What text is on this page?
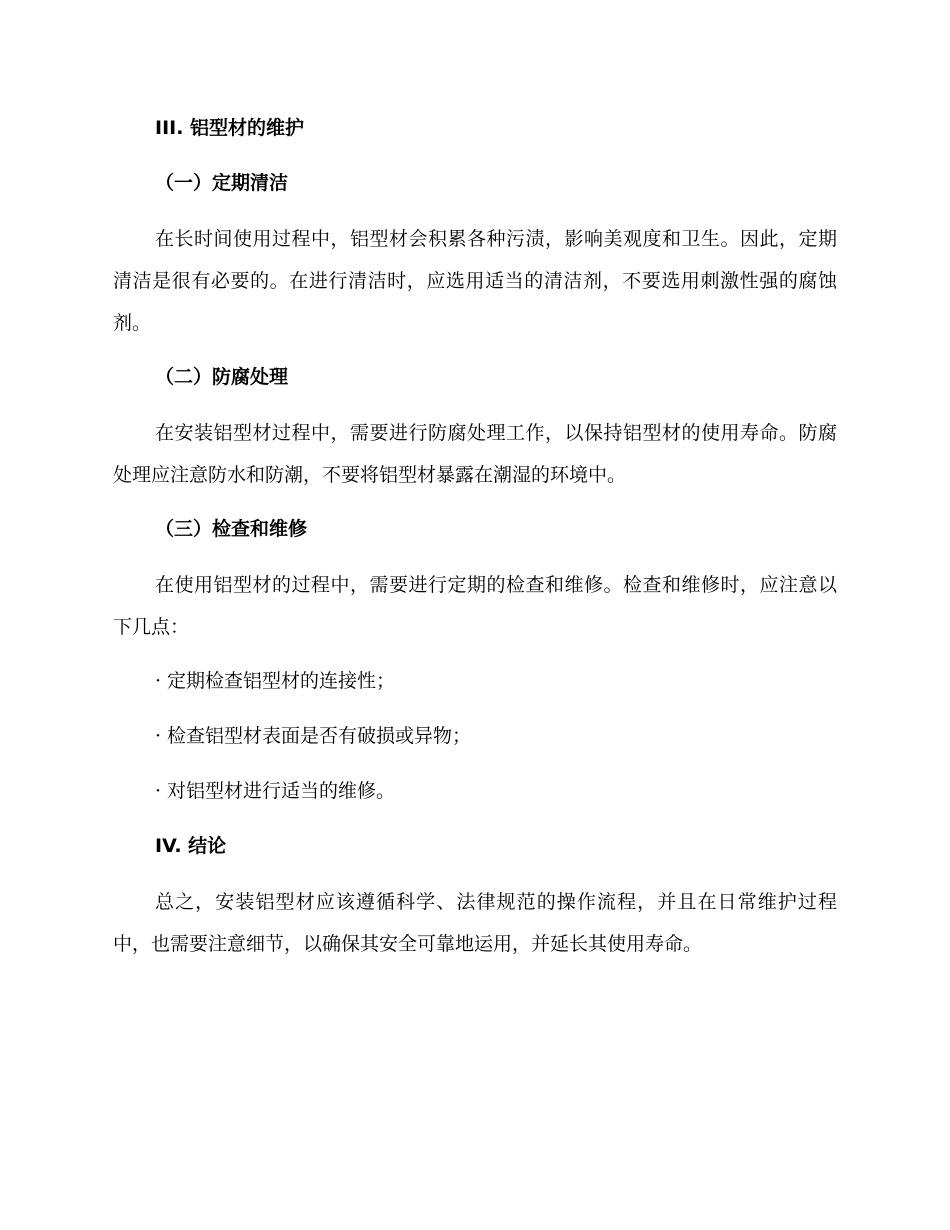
III. 铝型材的维护
（一）定期清洁

在长时间使用过程中，铝型材会积累各种污渍，影响美观度和卫生。因此，定期清洁是很有必要的。在进行清洁时，应选用适当的清洁剂，不要选用刺激性强的腐蚀剂。

（二）防腐处理

在安装铝型材过程中，需要进行防腐处理工作，以保持铝型材的使用寿命。防腐处理应注意防水和防潮，不要将铝型材暴露在潮湿的环境中。

（三）检查和维修

在使用铝型材的过程中，需要进行定期的检查和维修。检查和维修时，应注意以下几点：

· 定期检查铝型材的连接性；
· 检查铝型材表面是否有破损或异物；
· 对铝型材进行适当的维修。
IV. 结论

总之，安装铝型材应该遵循科学、法律规范的操作流程，并且在日常维护过程中，也需要注意细节，以确保其安全可靠地运用，并延长其使用寿命。
